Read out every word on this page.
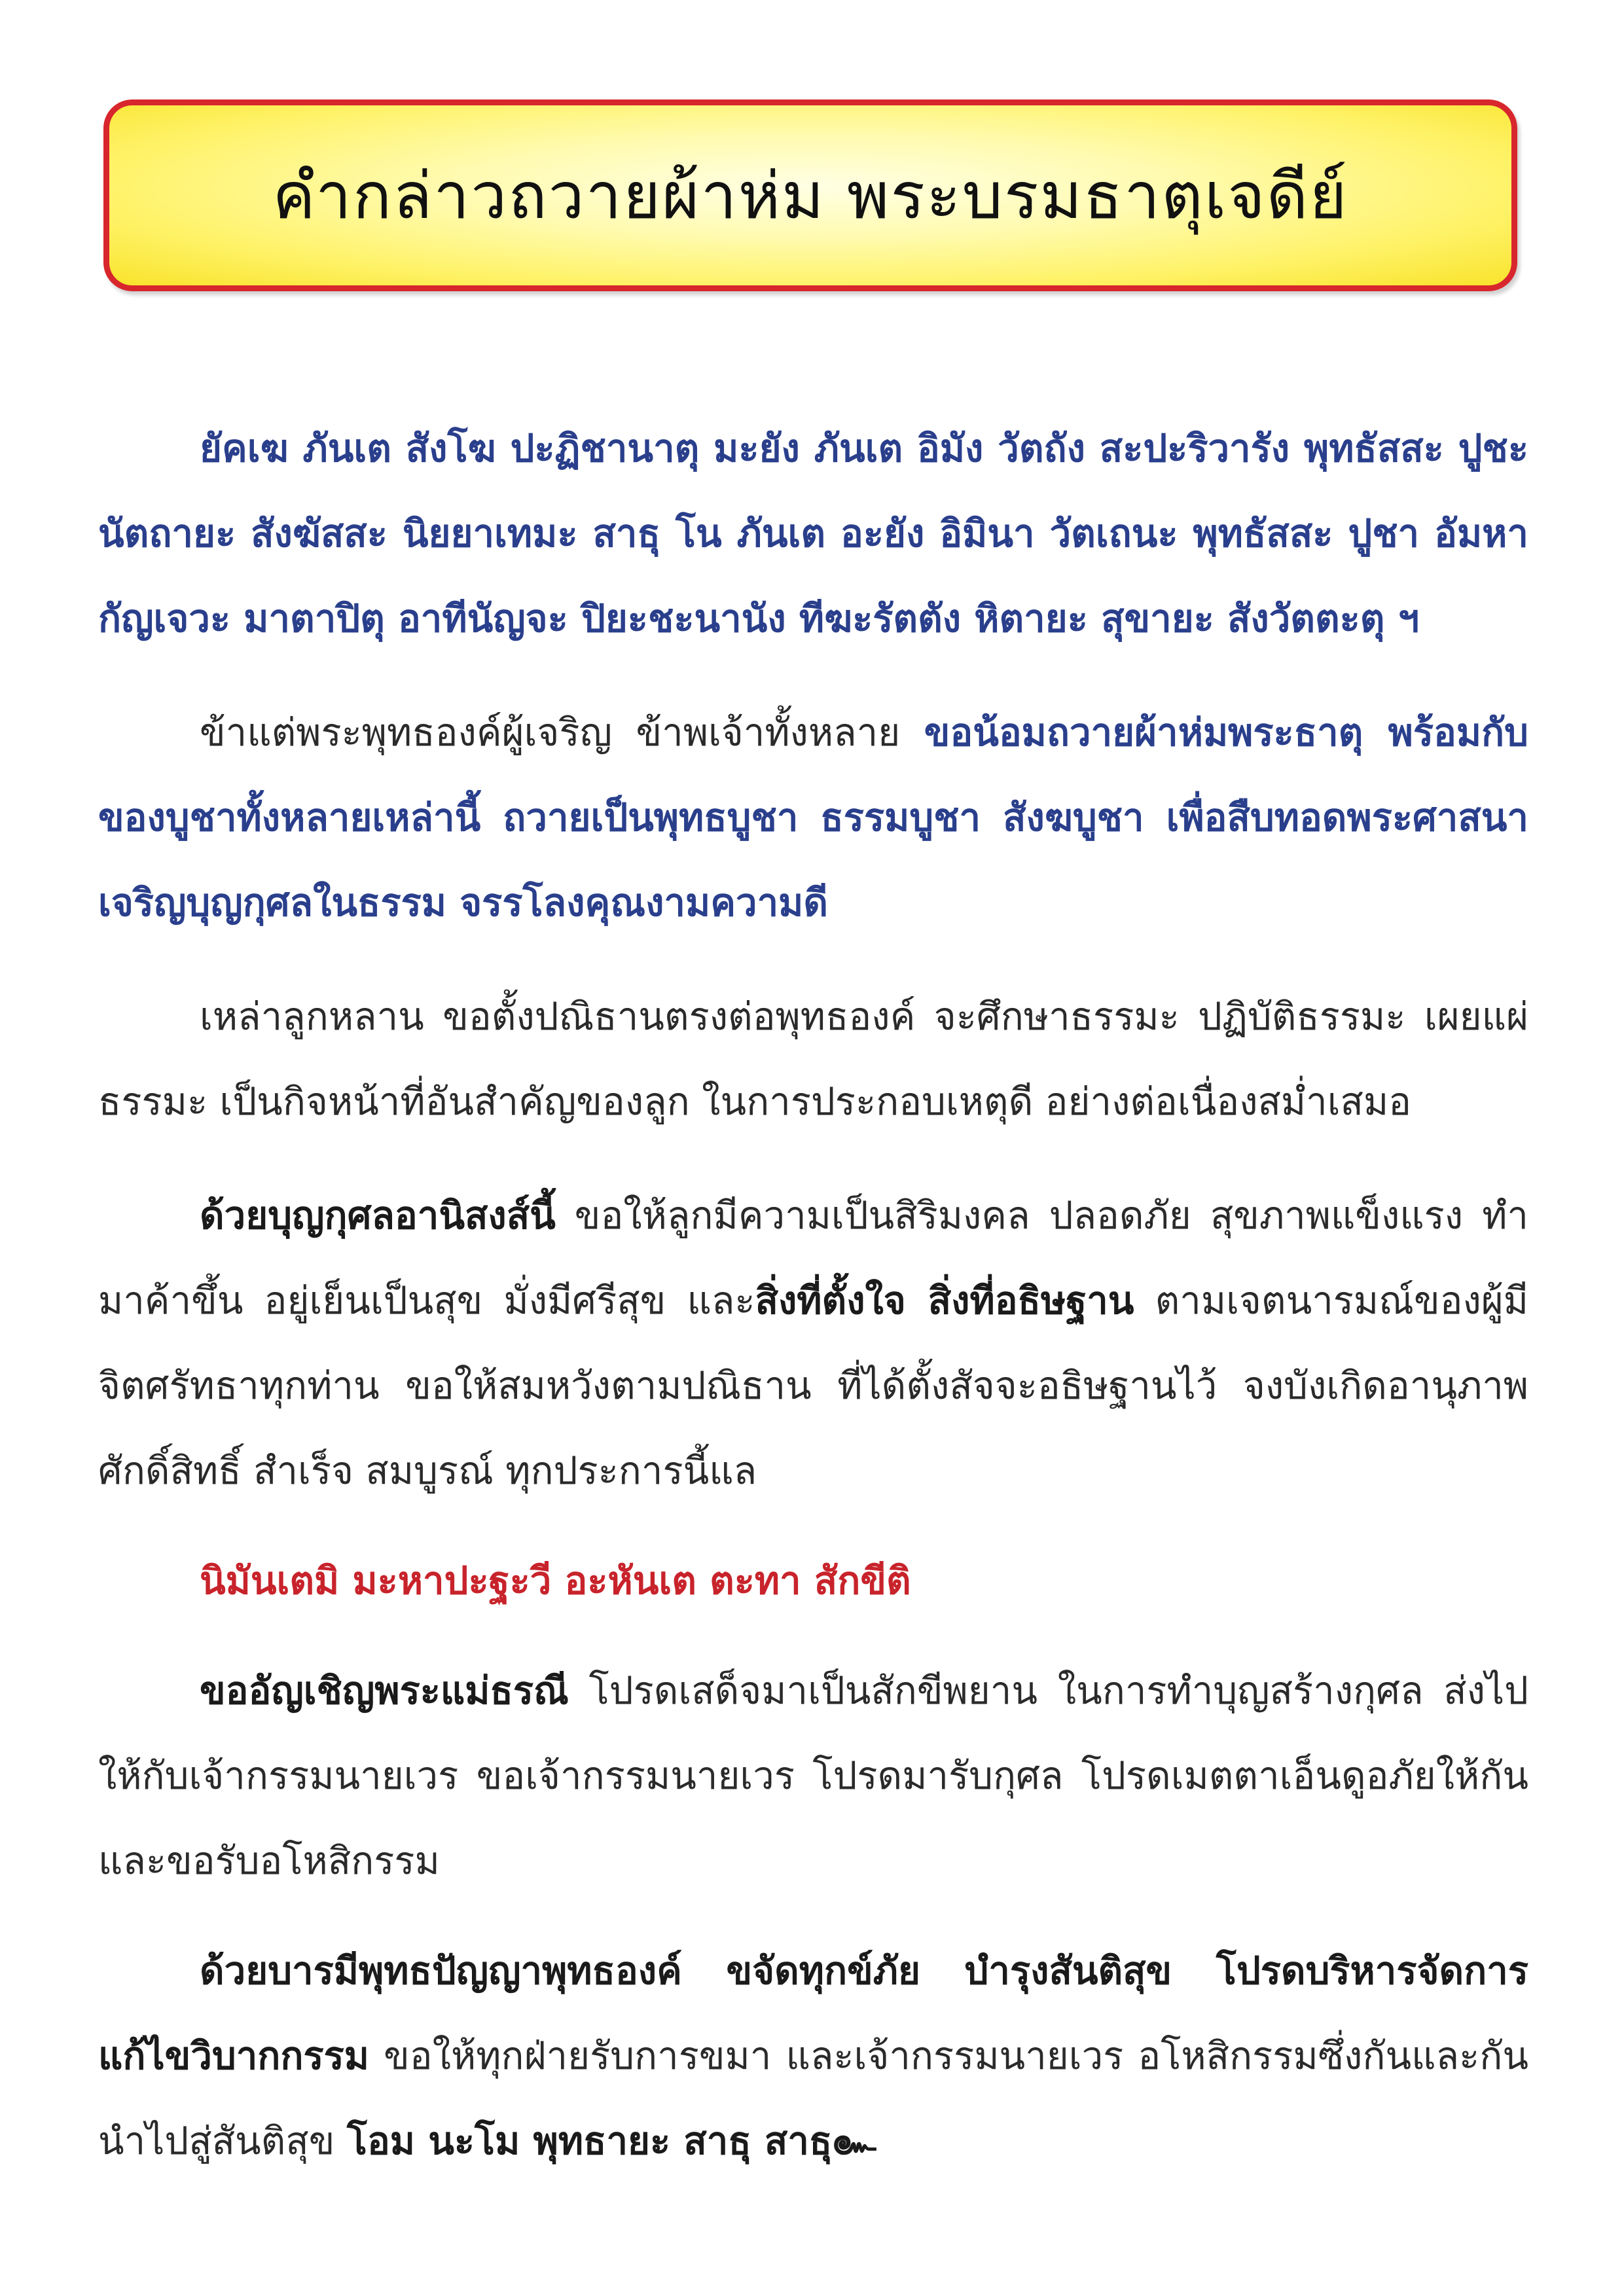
คำกล่าวถวายผ้าห่ม พระบรมธาตุเจดีย์

ยัคเฆ ภันเต สังโฆ ปะฏิชานาตุ มะยัง ภันเต อิมัง วัตถัง สะปะริวารัง พุทธัสสะ ปูชะนัตถายะ สังฆัสสะ นิยยาเทมะ สาธุ โน ภันเต อะยัง อิมินา วัตเถนะ พุทธัสสะ ปูชา อัมหากัญเจวะ มาตาปิตุ อาทีนัญจะ ปิยะชะนานัง ทีฆะรัตตัง หิตายะ สุขายะ สังวัตตะตุ ฯ

ข้าแต่พระพุทธองค์ผู้เจริญ ข้าพเจ้าทั้งหลาย ขอน้อมถวายผ้าห่มพระธาตุ พร้อมกับของบูชาทั้งหลายเหล่านี้ ถวายเป็นพุทธบูชา ธรรมบูชา สังฆบูชา เพื่อสืบทอดพระศาสนา เจริญบุญกุศลในธรรม จรรโลงคุณงามความดี

เหล่าลูกหลาน ขอตั้งปณิธานตรงต่อพุทธองค์ จะศึกษาธรรมะ ปฏิบัติธรรมะ เผยแผ่ธรรมะ เป็นกิจหน้าที่อันสำคัญของลูก ในการประกอบเหตุดี อย่างต่อเนื่องสม่ำเสมอ

ด้วยบุญกุศลอานิสงส์นี้ ขอให้ลูกมีความเป็นสิริมงคล ปลอดภัย สุขภาพแข็งแรง ทำมาค้าขึ้น อยู่เย็นเป็นสุข มั่งมีศรีสุข และสิ่งที่ตั้งใจ สิ่งที่อธิษฐาน ตามเจตนารมณ์ของผู้มีจิตศรัทธาทุกท่าน ขอให้สมหวังตามปณิธาน ที่ได้ตั้งสัจจะอธิษฐานไว้ จงบังเกิดอานุภาพ ศักดิ์สิทธิ์ สำเร็จ สมบูรณ์ ทุกประการนี้แล

นิมันเตมิ มะหาปะฐะวี อะหันเต ตะทา สักขีติ

ขออัญเชิญพระแม่ธรณี โปรดเสด็จมาเป็นสักขีพยาน ในการทำบุญสร้างกุศล ส่งไปให้กับเจ้ากรรมนายเวร ขอเจ้ากรรมนายเวร โปรดมารับกุศล โปรดเมตตาเอ็นดูอภัยให้กัน และขอรับอโหสิกรรม

ด้วยบารมีพุทธปัญญาพุทธองค์ ขจัดทุกข์ภัย บำรุงสันติสุข โปรดบริหารจัดการ แก้ไขวิบากกรรม ขอให้ทุกฝ่ายรับการขมา และเจ้ากรรมนายเวร อโหสิกรรมซึ่งกันและกัน นำไปสู่สันติสุข โอม นะโม พุทธายะ สาธุ สาธุ๛
